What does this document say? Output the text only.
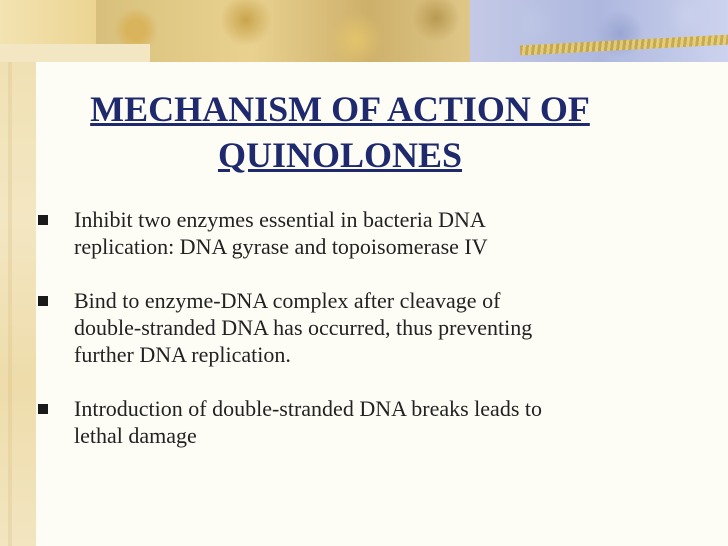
MECHANISM OF ACTION OF
QUINOLONES
Inhibit two enzymes essential in bacteria DNA
replication: DNA gyrase and topoisomerase IV
Bind to enzyme-DNA complex after cleavage of
double-stranded DNA has occurred, thus preventing
further DNA replication.
Introduction of double-stranded DNA breaks leads to
lethal damage
